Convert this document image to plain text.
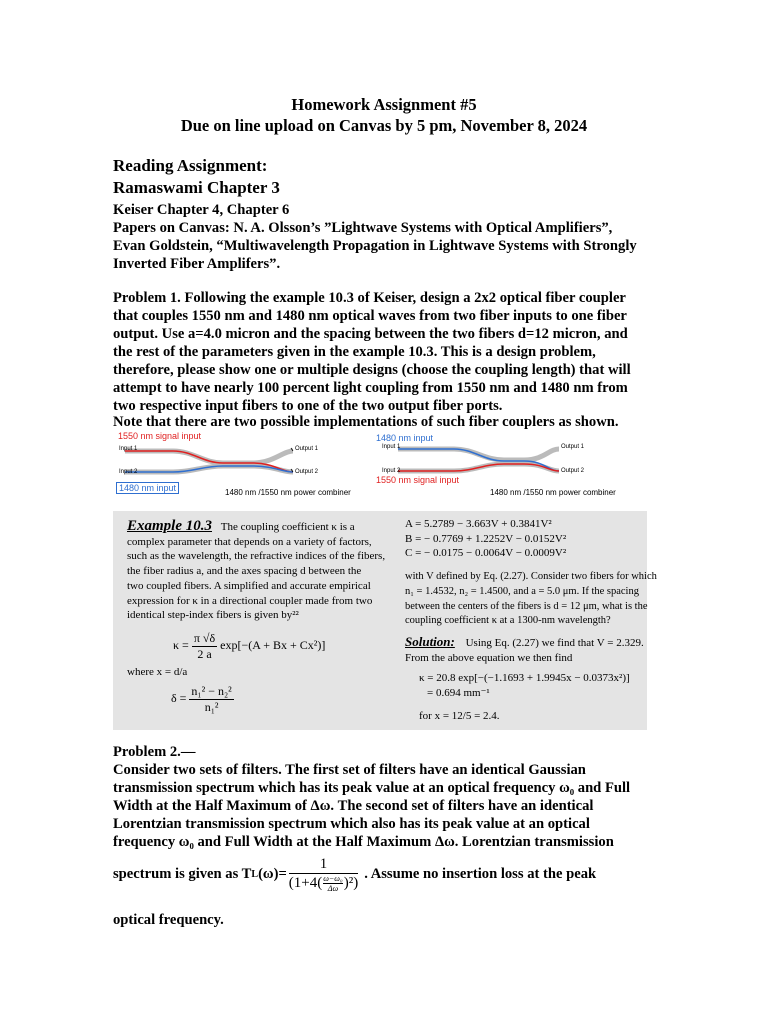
Homework Assignment #5
Due on line upload on Canvas by 5 pm, November 8, 2024
Reading Assignment:
Ramaswami Chapter 3
Keiser Chapter 4, Chapter 6
Papers on Canvas: N. A. Olsson’s ”Lightwave Systems with Optical Amplifiers”,
Evan Goldstein, “Multiwavelength Propagation in Lightwave Systems with Strongly
Inverted Fiber Amplifers”.
Problem 1. Following the example 10.3 of Keiser, design a 2x2 optical fiber coupler
that couples 1550 nm and 1480 nm optical waves from two fiber inputs to one fiber
output. Use a=4.0 micron and the spacing between the two fibers d=12 micron, and
the rest of the parameters given in the example 10.3. This is a design problem,
therefore, please show one or multiple designs (choose the coupling length) that will
attempt to have nearly 100 percent light coupling from 1550 nm and 1480 nm from
two respective input fibers to one of the two output fiber ports.
Note that there are two possible implementations of such fiber couplers as shown.
1550 nm signal input
Input 1
Input 2
Output 1
Output 2
1480 nm input	1480 nm /1550 nm power combiner
1480 nm input
Input 1
Input 2
Output 1
Output 2
1550 nm signal input
1480 nm /1550 nm power combiner
Example 10.3 The coupling coefficient κ is a
complex parameter that depends on a variety of factors,
such as the wavelength, the refractive indices of the fibers,
the fiber radius a, and the axes spacing d between the
two coupled fibers. A simplified and accurate empirical
expression for κ in a directional coupler made from two
identical step-index fibers is given by²²
$\kappa = \frac{\pi √\delta}{2 a} \exp[-(A + Bx + Cx^2)]$
where x = d/a
$\delta = \frac{\text{n₁² − n₂²}}{\text{n₁²}}$
A = 5.2789 − 3.663V + 0.3841V²
B = − 0.7769 + 1.2252V − 0.0152V²
C = − 0.0175 − 0.0064V − 0.0009V²
with V defined by Eq. (2.27). Consider two fibers for which
n₁ = 1.4532, n₂ = 1.4500, and a = 5.0 μm. If the spacing
between the centers of the fibers is d = 12 μm, what is the
coupling coefficient κ at a 1300-nm wavelength?
Solution: Using Eq. (2.27) we find that V = 2.329.
From the above equation we then find
κ = 20.8 exp[−(−1.1693 + 1.9945x − 0.0373x²)]
= 0.694 mm⁻¹
for x = 12/5 = 2.4.
Problem 2.—
Consider two sets of filters. The first set of filters have an identical Gaussian
transmission spectrum which has its peak value at an optical frequency ω₀ and Full
Width at the Half Maximum of Δω. The second set of filters have an identical
Lorentzian transmission spectrum which also has its peak value at an optical
frequency ω₀ and Full Width at the Half Maximum Δω. Lorentzian transmission
spectrum is given as T L $(\omega)= \frac{1}{(1+4( \frac{\text{ω−ω₀}}{\Delta\omega} )^2)}$ . Assume no insertion loss at the peak
optical frequency.
